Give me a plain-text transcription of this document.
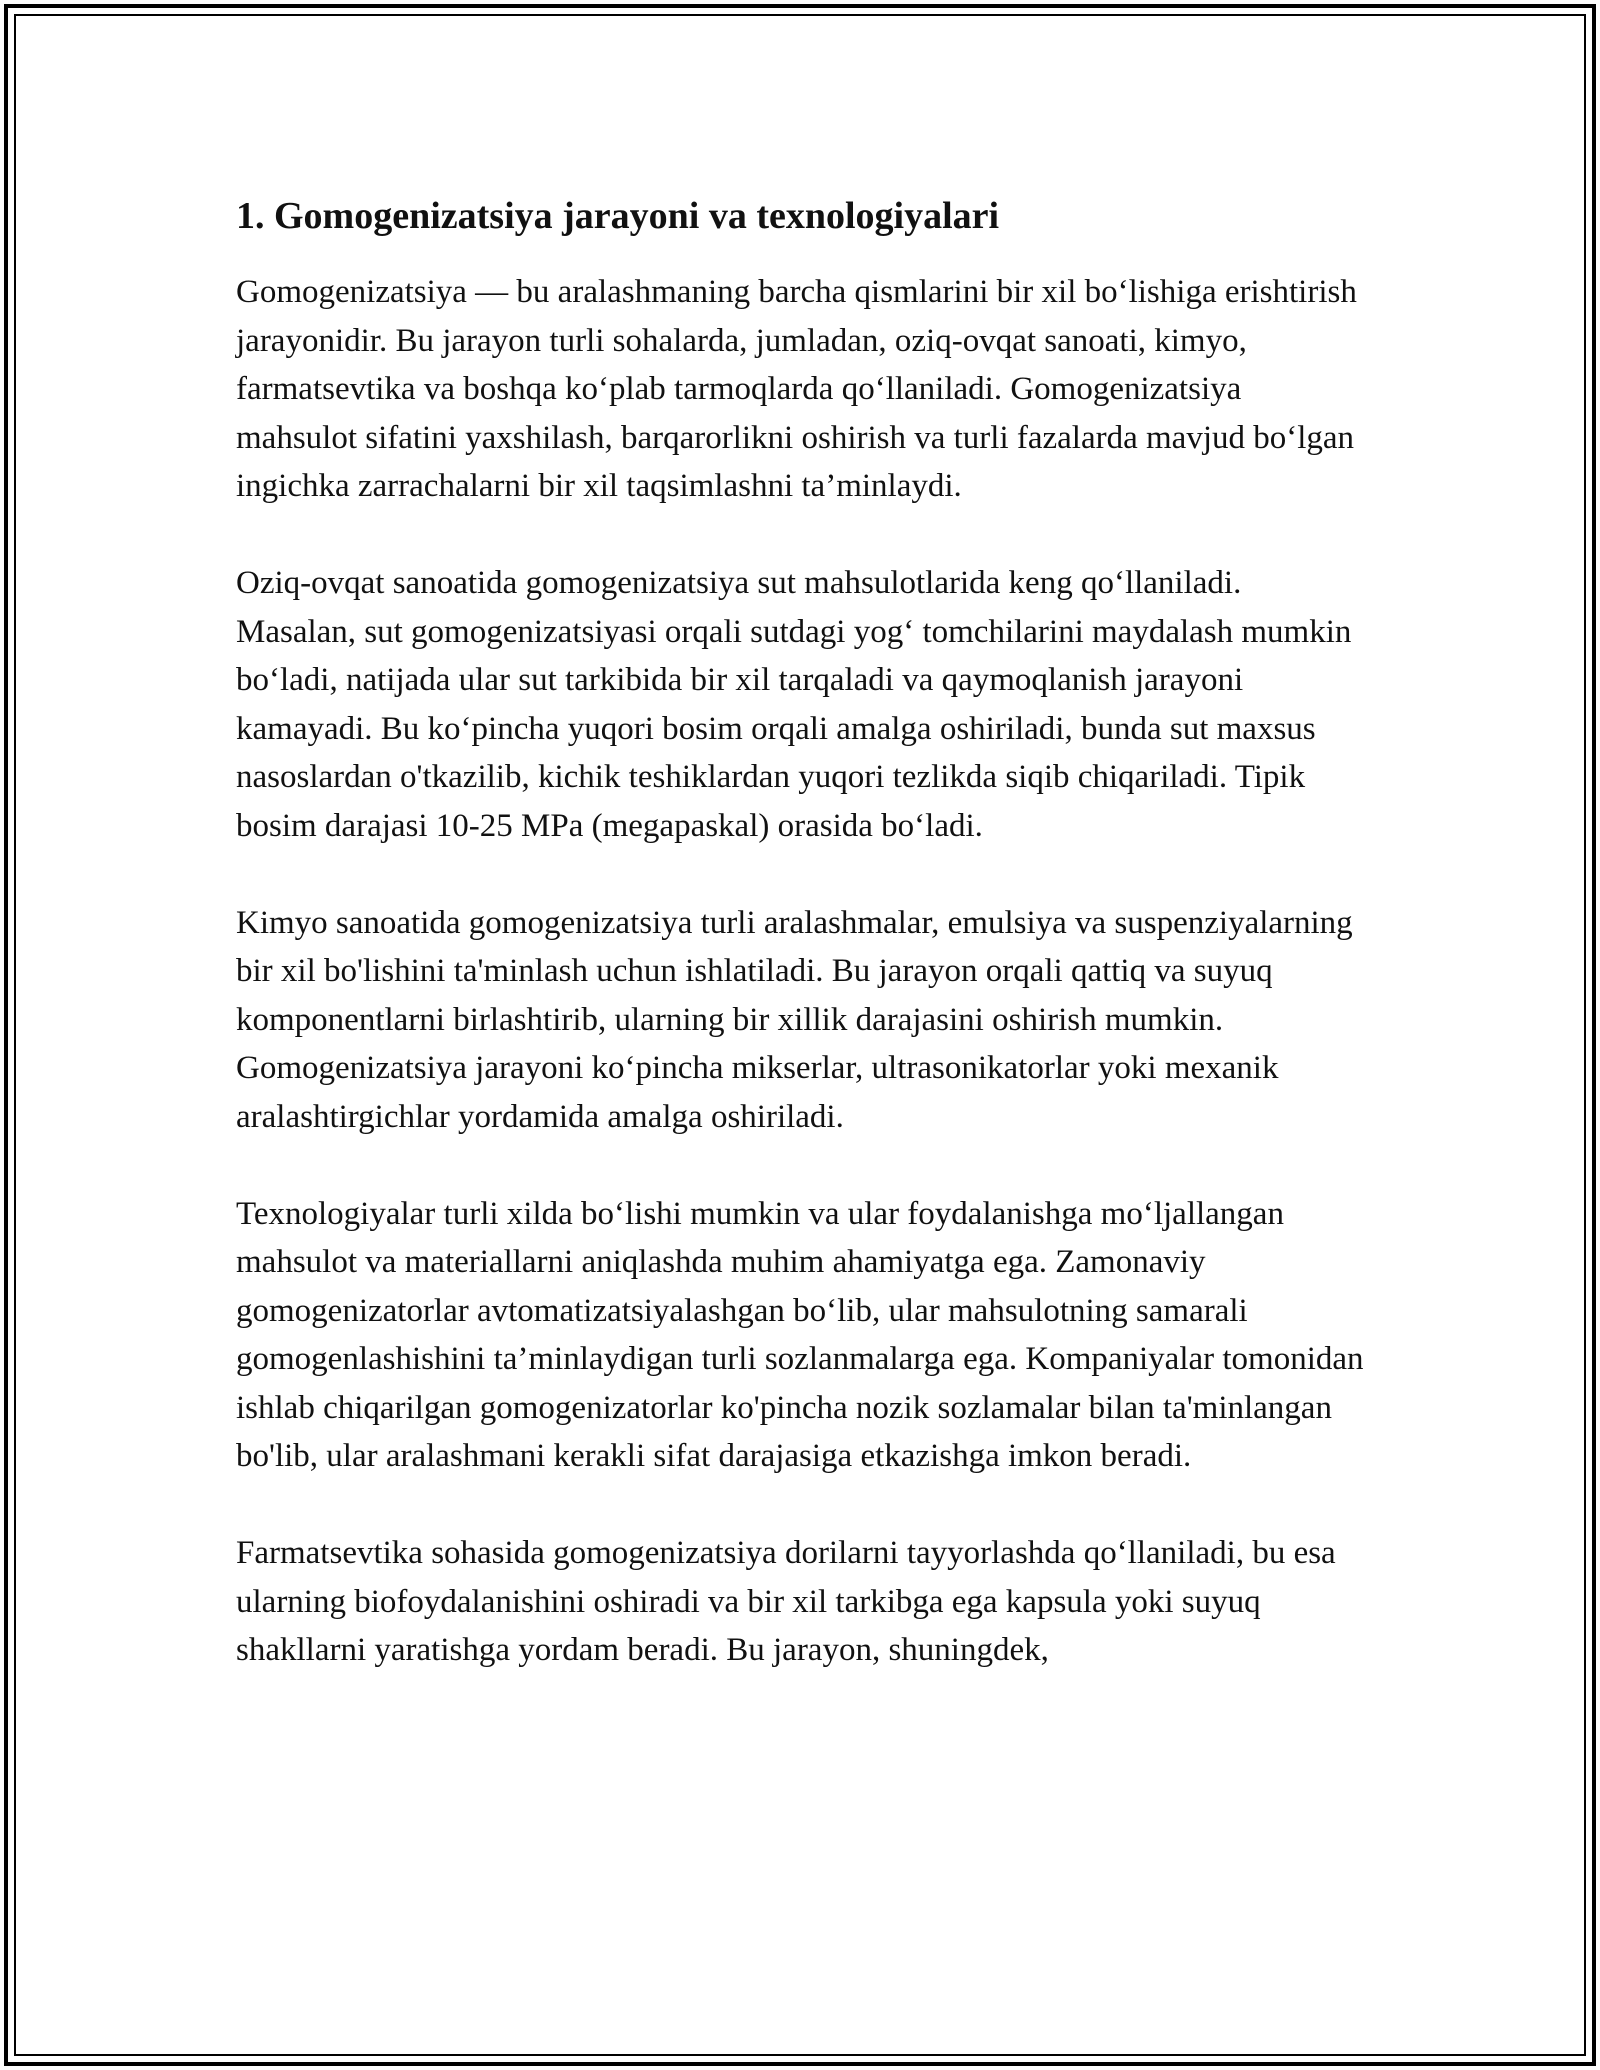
1. Gomogenizatsiya jarayoni va texnologiyalari

Gomogenizatsiya — bu aralashmaning barcha qismlarini bir xil bo‘lishiga erishtirish jarayonidir. Bu jarayon turli sohalarda, jumladan, oziq-ovqat sanoati, kimyo, farmatsevtika va boshqa ko‘plab tarmoqlarda qo‘llaniladi. Gomogenizatsiya mahsulot sifatini yaxshilash, barqarorlikni oshirish va turli fazalarda mavjud bo‘lgan ingichka zarrachalarni bir xil taqsimlashni ta’minlaydi.

Oziq-ovqat sanoatida gomogenizatsiya sut mahsulotlarida keng qo‘llaniladi. Masalan, sut gomogenizatsiyasi orqali sutdagi yog‘ tomchilarini maydalash mumkin bo‘ladi, natijada ular sut tarkibida bir xil tarqaladi va qaymoqlanish jarayoni kamayadi. Bu ko‘pincha yuqori bosim orqali amalga oshiriladi, bunda sut maxsus nasoslardan o'tkazilib, kichik teshiklardan yuqori tezlikda siqib chiqariladi. Tipik bosim darajasi 10-25 MPa (megapaskal) orasida bo‘ladi.

Kimyo sanoatida gomogenizatsiya turli aralashmalar, emulsiya va suspenziyalarning bir xil bo'lishini ta'minlash uchun ishlatiladi. Bu jarayon orqali qattiq va suyuq komponentlarni birlashtirib, ularning bir xillik darajasini oshirish mumkin. Gomogenizatsiya jarayoni ko‘pincha mikserlar, ultrasonikatorlar yoki mexanik aralashtirgichlar yordamida amalga oshiriladi.

Texnologiyalar turli xilda bo‘lishi mumkin va ular foydalanishga mo‘ljallangan mahsulot va materiallarni aniqlashda muhim ahamiyatga ega. Zamonaviy gomogenizatorlar avtomatizatsiyalashgan bo‘lib, ular mahsulotning samarali gomogenlashishini ta’minlaydigan turli sozlanmalarga ega. Kompaniyalar tomonidan ishlab chiqarilgan gomogenizatorlar ko'pincha nozik sozlamalar bilan ta'minlangan bo'lib, ular aralashmani kerakli sifat darajasiga etkazishga imkon beradi.

Farmatsevtika sohasida gomogenizatsiya dorilarni tayyorlashda qo‘llaniladi, bu esa ularning biofoydalanishini oshiradi va bir xil tarkibga ega kapsula yoki suyuq shakllarni yaratishga yordam beradi. Bu jarayon, shuningdek,
